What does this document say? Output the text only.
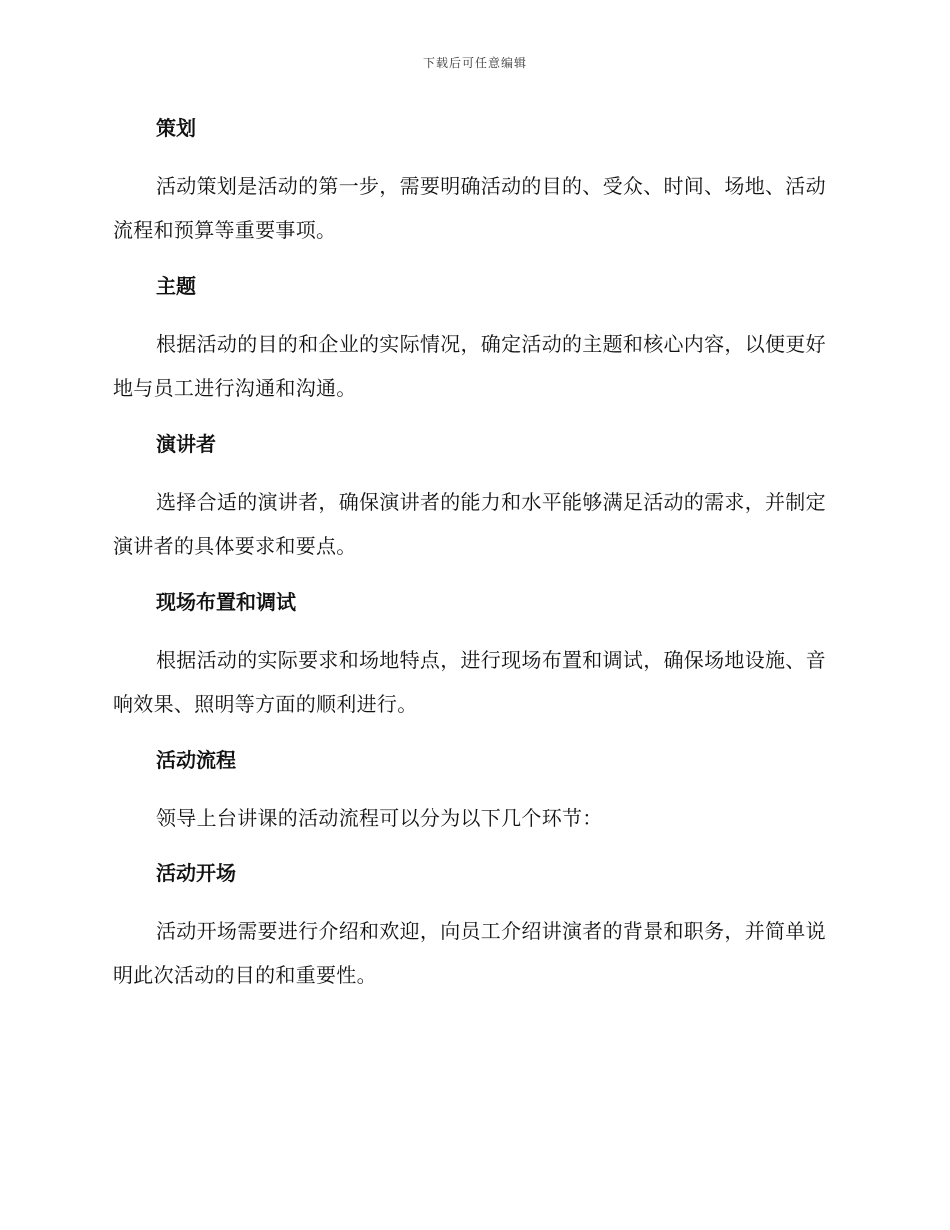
下载后可任意编辑
策划

活动策划是活动的第一步，需要明确活动的目的、受众、时间、场地、活动流程和预算等重要事项。

主题

根据活动的目的和企业的实际情况，确定活动的主题和核心内容，以便更好地与员工进行沟通和沟通。

演讲者

选择合适的演讲者，确保演讲者的能力和水平能够满足活动的需求，并制定演讲者的具体要求和要点。

现场布置和调试

根据活动的实际要求和场地特点，进行现场布置和调试，确保场地设施、音响效果、照明等方面的顺利进行。

活动流程

领导上台讲课的活动流程可以分为以下几个环节：

活动开场

活动开场需要进行介绍和欢迎，向员工介绍讲演者的背景和职务，并简单说明此次活动的目的和重要性。
